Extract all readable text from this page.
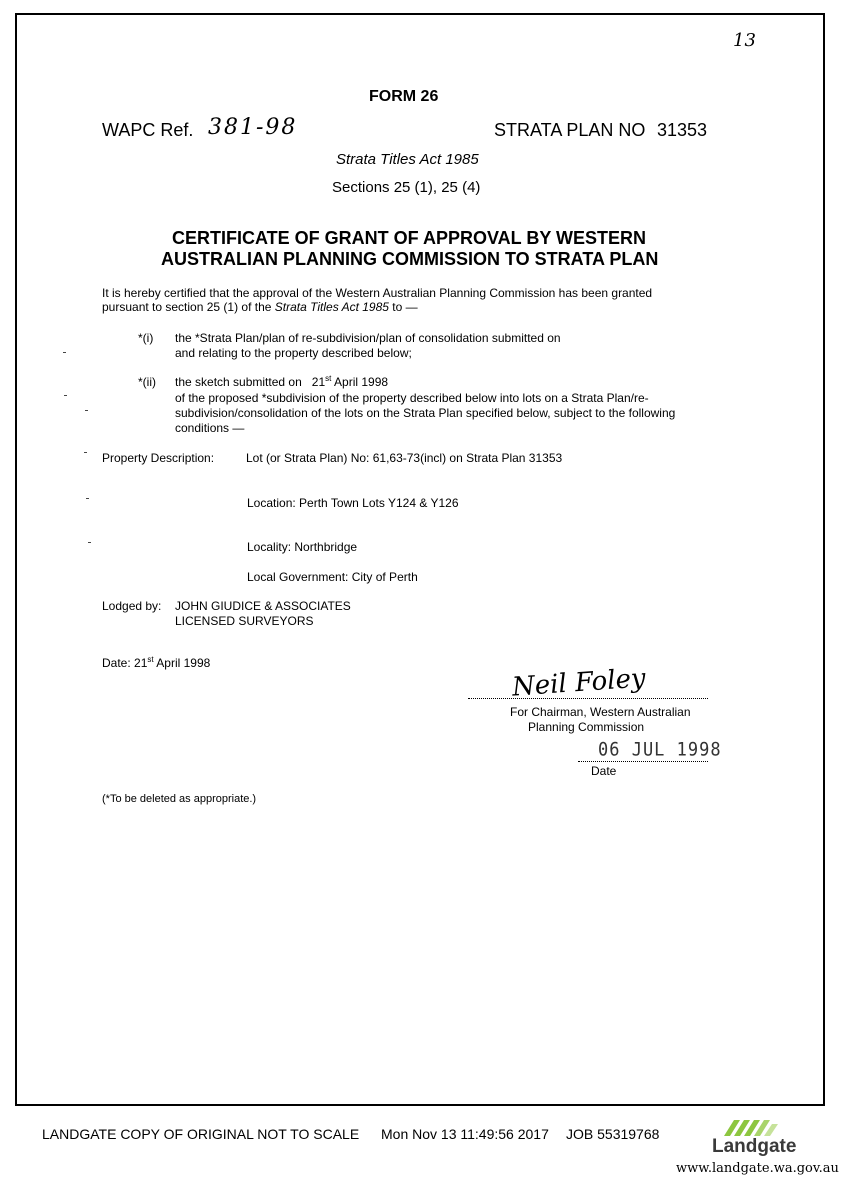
13
FORM 26
WAPC Ref. 381-98	STRATA PLAN NO 31353
Strata Titles Act 1985
Sections 25 (1), 25 (4)
CERTIFICATE OF GRANT OF APPROVAL BY WESTERN
AUSTRALIAN PLANNING COMMISSION TO STRATA PLAN
It is hereby certified that the approval of the Western Australian Planning Commission has been granted
pursuant to section 25 (1) of the Strata Titles Act 1985 to —
*(i) the *Strata Plan/plan of re-subdivision/plan of consolidation submitted on
and relating to the property described below;
*(ii) the sketch submitted on 21st April 1998
of the proposed *subdivision of the property described below into lots on a Strata Plan/re-
subdivision/consolidation of the lots on the Strata Plan specified below, subject to the following
conditions —
Property Description:	Lot (or Strata Plan) No: 61,63-73(incl) on Strata Plan 31353
Location: Perth Town Lots Y124 & Y126
Locality: Northbridge
Local Government: City of Perth
Lodged by: JOHN GIUDICE & ASSOCIATES
LICENSED SURVEYORS
Date: 21st April 1998
Neil Foley
For Chairman, Western Australian
Planning Commission
06 JUL 1998
Date
(*To be deleted as appropriate.)
LANDGATE COPY OF ORIGINAL NOT TO SCALE Mon Nov 13 11:49:56 2017 JOB 55319768
Landgate
www.landgate.wa.gov.au
